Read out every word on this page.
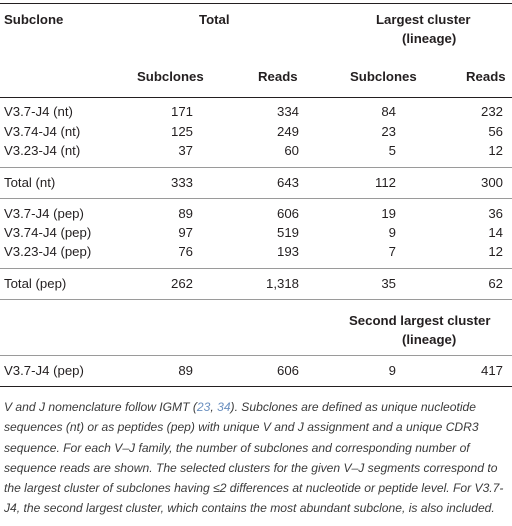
Subclone	Total	Largest cluster
(lineage)
Subclones	Reads	Subclones	Reads
V3.7-J4 (nt)	171	334	84	232
V3.74-J4 (nt)	125	249	23	56
V3.23-J4 (nt)	37	60	5	12
Total (nt)	333	643	112	300
V3.7-J4 (pep)	89	606	19	36
V3.74-J4 (pep)	97	519	9	14
V3.23-J4 (pep)	76	193	7	12
Total (pep)	262	1,318	35	62
Second largest cluster
(lineage)
V3.7-J4 (pep)	89	606	9	417

V and J nomenclature follow IGMT (23, 34). Subclones are defined as unique nucleotide sequences (nt) or as peptides (pep) with unique V and J assignment and a unique CDR3 sequence. For each V–J family, the number of subclones and corresponding number of sequence reads are shown. The selected clusters for the given V–J segments correspond to the largest cluster of subclones having ≤2 differences at nucleotide or peptide level. For V3.7-J4, the second largest cluster, which contains the most abundant subclone, is also included.
